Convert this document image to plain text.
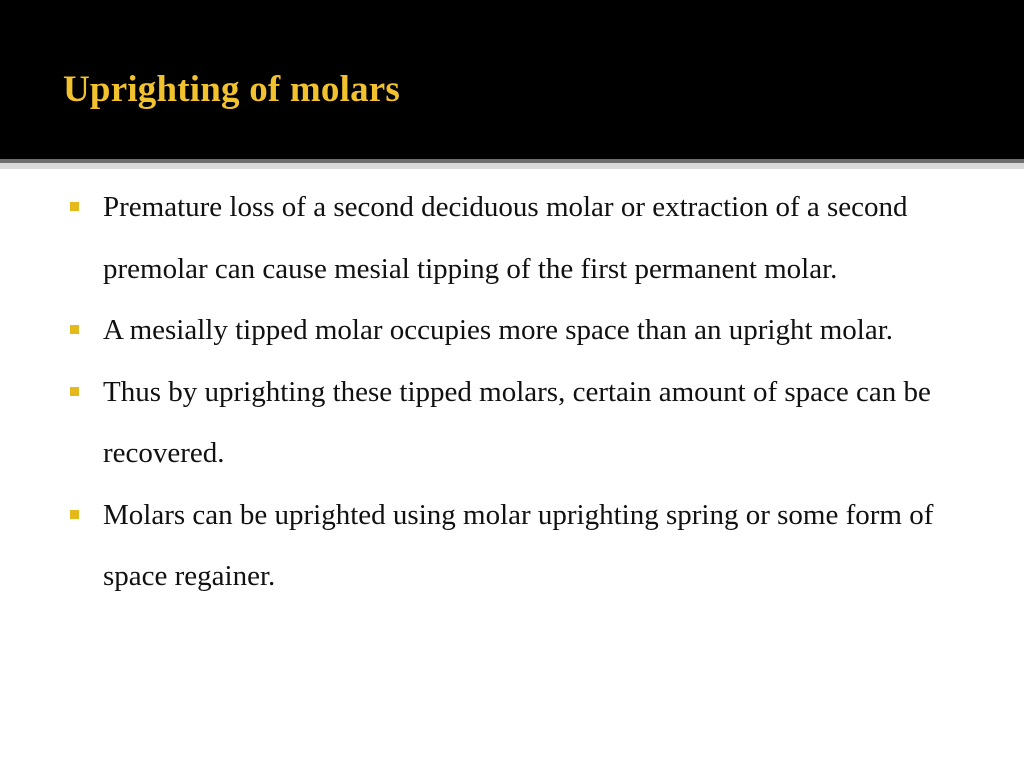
Uprighting of molars
Premature loss of a second deciduous molar or extraction of a second premolar can cause mesial tipping of the first permanent molar.
A mesially tipped molar occupies more space than an upright molar.
Thus by uprighting these tipped molars, certain amount of space can be recovered.
Molars can be uprighted using molar uprighting spring or some form of space regainer.
